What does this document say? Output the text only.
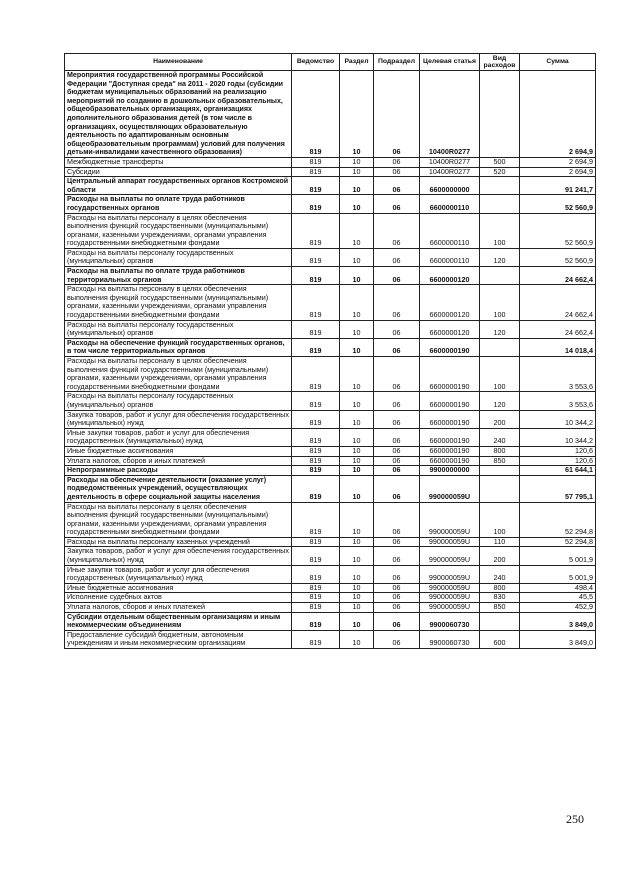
Наименование	Ведомство	Раздел	Подраздел	Целевая статья	Вид расходов	Сумма
Мероприятия государственной программы Российской Федерации "Доступная среда" на 2011 - 2020 годы (субсидии бюджетам муниципальных образований на реализацию мероприятий по созданию в дошкольных образовательных, общеобразовательных организациях, организациях дополнительного образования детей (в том числе в организациях, осуществляющих образовательную деятельность по адаптированным основным общеобразовательным программам) условий для получения детьми-инвалидами качественного образования)	819	10	06	10400R0277		2 694,9
Межбюджетные трансферты	819	10	06	10400R0277	500	2 694,9
Субсидии	819	10	06	10400R0277	520	2 694,9
Центральный аппарат государственных органов Костромской области	819	10	06	6600000000		91 241,7
Расходы на выплаты по оплате труда работников государственных органов	819	10	06	6600000110		52 560,9
Расходы на выплаты персоналу в целях обеспечения выполнения функций государственными (муниципальными) органами, казенными учреждениями, органами управления государственными внебюджетными фондами	819	10	06	6600000110	100	52 560,9
Расходы на выплаты персоналу государственных (муниципальных) органов	819	10	06	6600000110	120	52 560,9
Расходы на выплаты по оплате труда работников территориальных органов	819	10	06	6600000120		24 662,4
Расходы на выплаты персоналу в целях обеспечения выполнения функций государственными (муниципальными) органами, казенными учреждениями, органами управления государственными внебюджетными фондами	819	10	06	6600000120	100	24 662,4
Расходы на выплаты персоналу государственных (муниципальных) органов	819	10	06	6600000120	120	24 662,4
Расходы на обеспечение функций государственных органов, в том числе территориальных органов	819	10	06	6600000190		14 018,4
Расходы на выплаты персоналу в целях обеспечения выполнения функций государственными (муниципальными) органами, казенными учреждениями, органами управления государственными внебюджетными фондами	819	10	06	6600000190	100	3 553,6
Расходы на выплаты персоналу государственных (муниципальных) органов	819	10	06	6600000190	120	3 553,6
Закупка товаров, работ и услуг для обеспечения государственных (муниципальных) нужд	819	10	06	6600000190	200	10 344,2
Иные закупки товаров, работ и услуг для обеспечения государственных (муниципальных) нужд	819	10	06	6600000190	240	10 344,2
Иные бюджетные ассигнования	819	10	06	6600000190	800	120,6
Уплата налогов, сборов и иных платежей	819	10	06	6600000190	850	120,6
Непрограммные расходы	819	10	06	9900000000		61 644,1
Расходы на обеспечение деятельности (оказание услуг) подведомственных учреждений, осуществляющих деятельность в сфере социальной защиты населения	819	10	06	990000059U		57 795,1
Расходы на выплаты персоналу в целях обеспечения выполнения функций государственными (муниципальными) органами, казенными учреждениями, органами управления государственными внебюджетными фондами	819	10	06	990000059U	100	52 294,8
Расходы на выплаты персоналу казенных учреждений	819	10	06	990000059U	110	52 294,8
Закупка товаров, работ и услуг для обеспечения государственных (муниципальных) нужд	819	10	06	990000059U	200	5 001,9
Иные закупки товаров, работ и услуг для обеспечения государственных (муниципальных) нужд	819	10	06	990000059U	240	5 001,9
Иные бюджетные ассигнования	819	10	06	990000059U	800	498,4
Исполнение судебных актов	819	10	06	990000059U	830	45,5
Уплата налогов, сборов и иных платежей	819	10	06	990000059U	850	452,9
Субсидии отдельным общественным организациям и иным некоммерческим объединениям	819	10	06	9900060730		3 849,0
Предоставление субсидий бюджетным, автономным учреждениям и иным некоммерческим организациям	819	10	06	9900060730	600	3 849,0
250
